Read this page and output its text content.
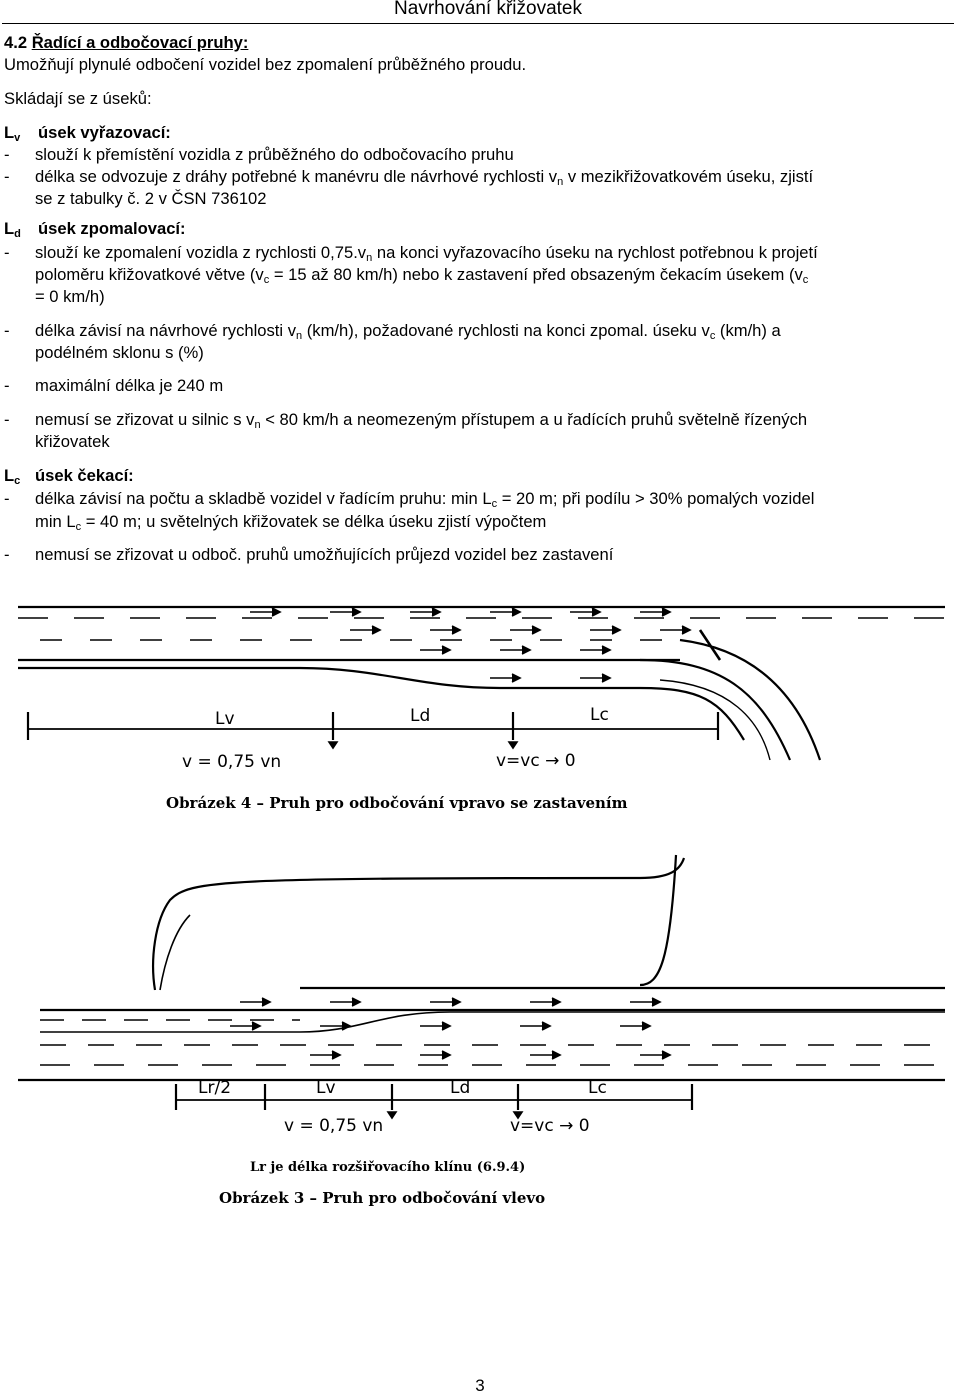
Navrhování křižovatek
4.2 Řadící a odbočovací pruhy:
Umožňují plynulé odbočení vozidel bez zpomalení průběžného proudu.
Skládají se z úseků:
$L_v$ úsek vyřazovací:
- slouží k přemístění vozidla z průběžného do odbočovacího pruhu
- délka se odvozuje z dráhy potřebné k manévru dle návrhové rychlosti $v_n$ v mezikřižovatkovém úseku, zjistí
se z tabulky č. 2 v ČSN 736102
$L_d$ úsek zpomalovací:
- slouží ke zpomalení vozidla z rychlosti $0,75.v_n$ na konci vyřazovacího úseku na rychlost potřebnou k projetí
poloměru křižovatkové větve ($v_c = 15$ až 80 km/h) nebo k zastavení před obsazeným čekacím úsekem ($v_c$
= 0 km/h)
- délka závisí na návrhové rychlosti $v_n$ (km/h), požadované rychlosti na konci zpomal. úseku $v_c$ (km/h) a
podélném sklonu s (%)
- maximální délka je 240 m
- nemusí se zřizovat u silnic s $v_n < 80$ km/h a neomezeným přístupem a u řadících pruhů světelně řízených
křižovatek
$L_c$ úsek čekací:
- délka závisí na počtu a skladbě vozidel v řadícím pruhu: $\min L_c = 20$ m; při podílu > 30% pomalých vozidel
$\min L_c = 40$ m; u světelných křižovatek se délka úseku zjistí výpočtem
- nemusí se zřizovat u odboč. pruhů umožňujících průjezd vozidel bez zastavení
Lv	Ld	Lc
v = 0,75 vn	v=vc → 0
Obrázek 4 – Pruh pro odbočování vpravo se zastavením
Lr/2	Lv	Ld	Lc
v = 0,75 vn	v=vc → 0
Lr je délka rozšiřovacího klínu (6.9.4)
Obrázek 3 – Pruh pro odbočování vlevo
3
